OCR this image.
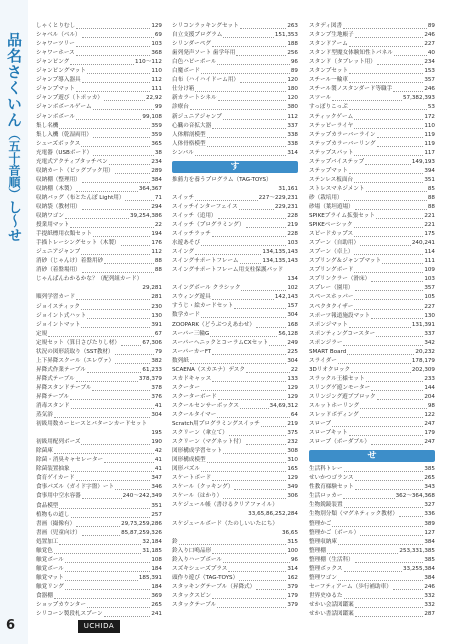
品名さくいん（五十音順）
し～せ
6	UCHIDA
しゃくとりむし	129
シャベル（ベル）	69
シャワーツリー	103
シャワーホース	368
ジャンピング	110～112
ジャンピングマット	110
ジャンプ導入器具	112
ジャンプマット	111
ジャンプ遊び（トポッカ）	22,92
ジャンボボールゲーム	99
ジャンボボール	99,108
集し名機	359
集し入機（乾湿両用）	359
シューズボックス	365
充電器（USBボード）	38
充電式アクティブタッチペン	234
収納カート（ビッグブック用）	289
収納棚（整理用）	384
収納棚（木製）	364,367
収納バッグ（布とたんぽ Light用）	71
収納袋（教材用）	294
収納ワゴン	39,254,386
授業用マット	22
手提紙標用衣類セット	194
手描トレーシングセット（木製）	176
ジュニアジャンプ	112
消砂（じゃんけ）着盤用砂	88
消砂（着盤場用）	88
じゃんぱんわかるかな？（配列組カード）
29,281
順列学習カード	281
ジョイスティック	230
ジョイント式ハット	130
ジョイントマット	391
定規	67
定規セット（算日さびたりし材）	67,306
状況の図形読取り（SST教材）	79
上下昇降スクール（エレヴァ）	382
昇降式作業テーブル	61,233
昇降式テーブル	378,379
昇降スタンドテーブル	378
昇降テーブル	376
消毒スタンド	41
蒸気浴	304
初級用数カーヒースとバターンカードセット
195
初級用配列ボーズ	190
除菌庫	42
除菌・消臭キャセレーター	41
除菌装置抽象	41
食育ゲイカード	347
食事パズル（ガイド字盤）ート	346
食事用中空水容器	240～242,349
食品模型	351
植物もの道し	257
書画（撮像有）	29,73,259,286
書画（児童向け）	85,87,259,326
処置加工	32,184
触覚色	31,185
触覚ボール	108
触覚ボール	184
触覚マット	185,391
触覚リング	184
食器棚	369
ショップカウンター	265
シリコーン製段札スプーン	241
シリコンラッキングセット	263
自立支援プログラム	151,353
シリンダーペグ	188
歯列発声ソート 歯学年用	256
白色ハピーボール	96
白魔ボード	89
白布（ハイハイドーム用）	120
仕分け箱	180
新カラートシネル	120
診療台	380
新ジュニアジャンプ	112
心臓の音拡大器	337
人体解剖模型	338
人体骨格模型	338
シンバル	314
す
推薦力を養うプログラム（TAG-TOYS）
31,161
スイッチ	227～229,231
スイッチインターフェイス	229,231
スイッチ（追用）	228
スイッチ（プログラミング）	219
スイッチラッチ	228
水遊あそび	103
スイング	134,135,143
スイングサポートフレーム	134,135,143
スイングサポートフレーム用支柱保護パッド
134
スイングボール クラシック	102
スウィング遊具	142,143
すうじ・絵カードセット	157
数学カード	304
ZOOPARK（どうぶつえあわせ）	168
スーパー三輪G	56,128
スーパーヘニックとコーラムCXセット	249
スーパーカーFT	225
数列紙	304
SCAENA（スカエナ）デスク	22
スカドキャッス	133
スクーター	129
スクーターボード	129
スクールセンサーボックス	34,69,312
スクールタイマー	64
Scratch用プログラミングスイッチ	219
スクリーン（傘立て）	375
スクリーン（マグネット付）	232
図形構成学習セット	308
図形構成模型	310
図形パズル	165
スケートボード	129
スケール（クッキング）	349
スケール（はかり）	306
スケジュール帳（書けるクリアファイル）
33,65,86,252,284
スケジュールボード（たのしいいたにち）
36,65
鈴	315
鈴入り口鳴品形	100
鈴入りハープボール	96
スズキシェーズプラス	314
頭作り遊び（TAG-TOYS）	162
スタッキングテーブル（昇降式）	379
スタックスピン	179
スタックテーブル	379
スタディ図書	89
スタンプ生地帳子	246
スタンドアーム	227
スタンド型魔女体験知性トパネル	40
スタンド（タブレット用）	234
スタンプセット	153
スチール一輪車	357
スチール製ノスタンダード等職手	246
スツール	57,382,393
すっぽりこっぷ	53
スティックゲーム	172
ステッピーライヤ	110
ステップカラーバーライン	119
ステップカラーバーリング	119
ステップスパット	117
ステップバイステップ	149,193
ステップマット	394
ステンレス板面台	351
ストレスマネジメント	85
砂（栽培用）	88
砂場（葉坦遊場）	88
SPIKEプライム拡張セット	221
SPIKEベーシック	221
スピードカップス	175
スプーン（自助用）	240,241
スプーン（卓上）	114
スプリング＆ジャンプマット	111
スプリングボード	109
スプリンクラー（滑床）	103
スプレー（園用）	357
スペースホッパー	105
スペクタクイザー	227
スポーツ報道施設マット	130
スポンジマット	131,391
スポンティングコースター	337
スポンジラー	342
SMART Board	20,232
スライダー	178,179
3Dリオクロック	202,309
スラックル王様セット	233
スリングゲ遊ンモーター	144
スリンジング遊ブブロック	204
スルットホーリング	98
スレッドボディング	122
スロープ	247
スロープキット	179
スロープ（ボーダブル）	247
せ
生活科トレー	385
せいかつゴランス	265
性教育様験セット	343
生活ロッカー	362～364,368
生物鋭鏡装置	327
生物別分類（マグネティック教材）	336
整理かご	389
整理かご（ボール）	127
整理収納庫	384
整理棚	253,331,385
整理棚（生活科）	385
整理ボックス	33,255,384
整理ワゴン	384
セーフティアーム（歩行補助車）	246
世界史ゆるた	332
せかい会話図鑑案	332
せかい書話図鑑案	287
